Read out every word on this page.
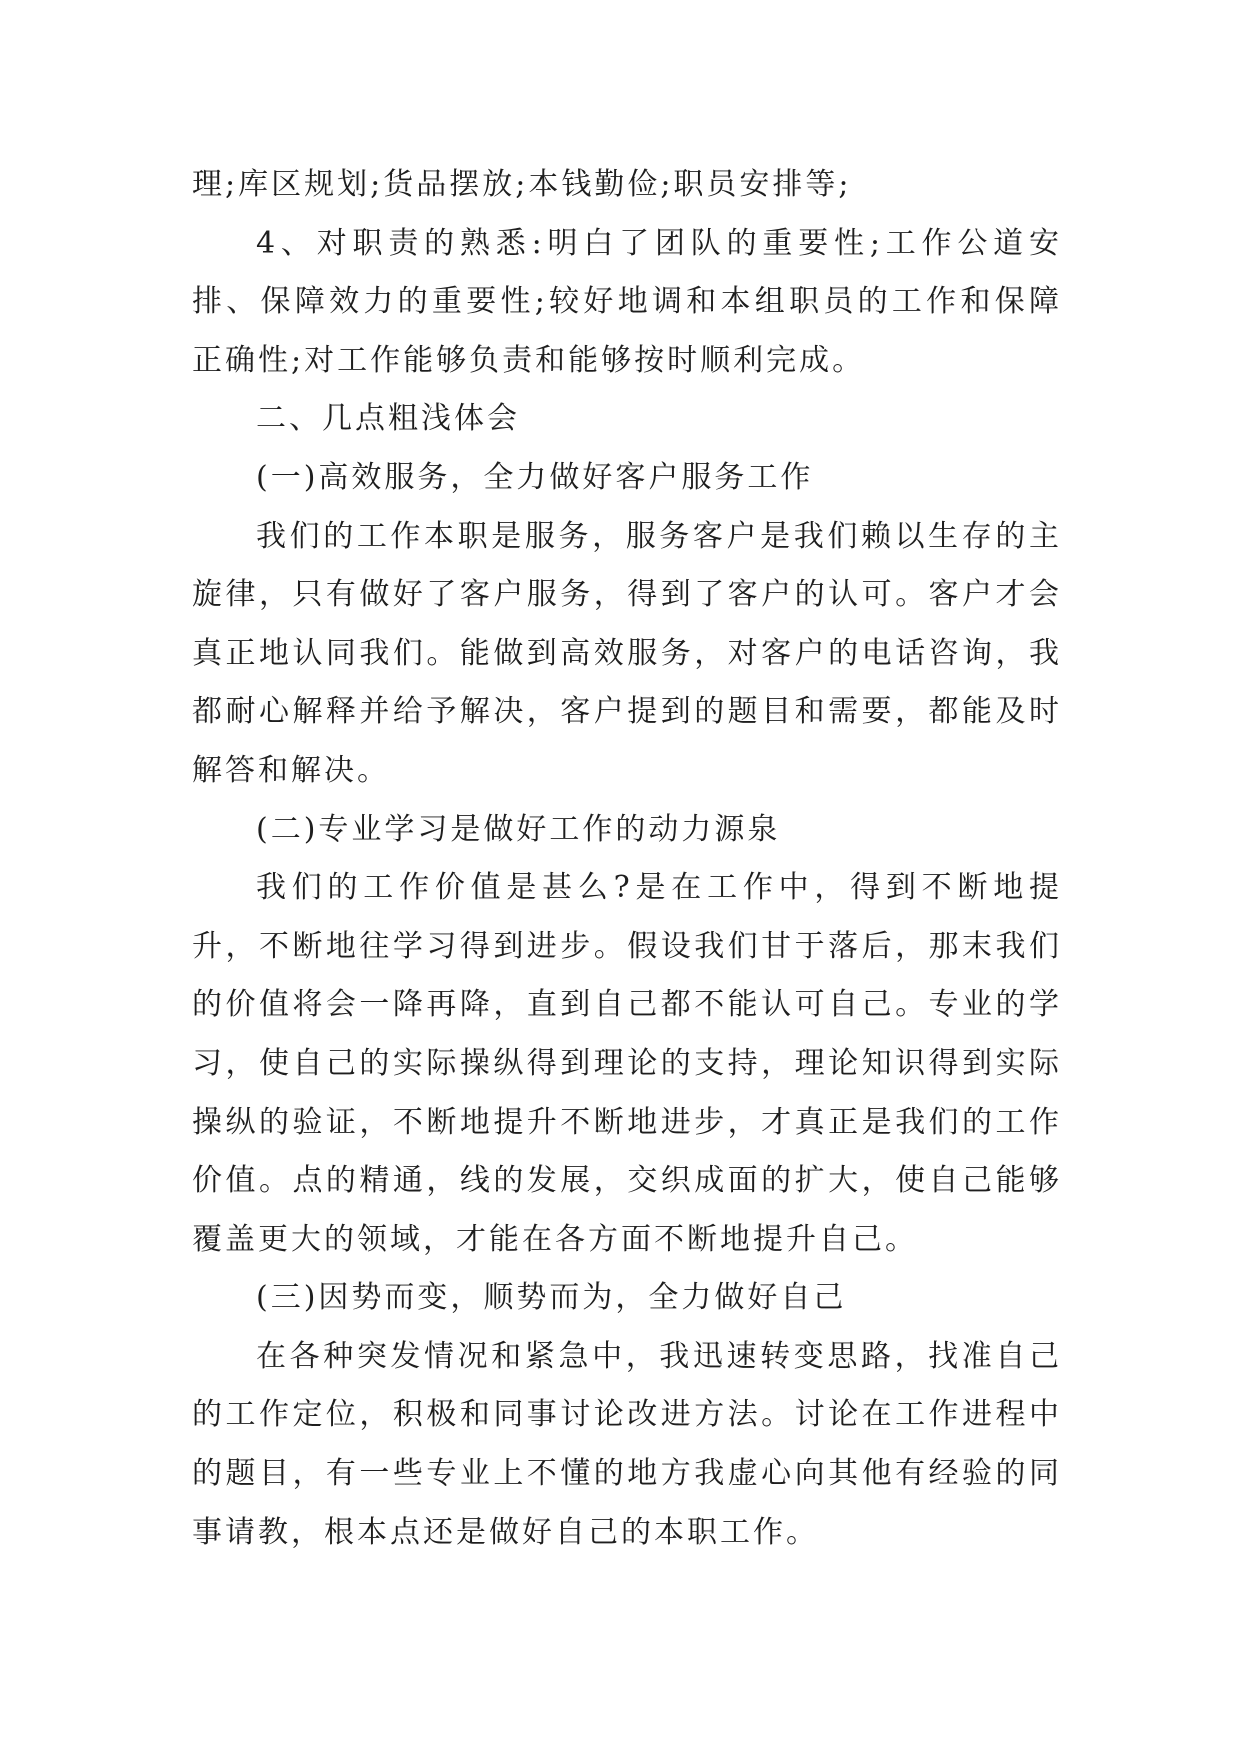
理;库区规划;货品摆放;本钱勤俭;职员安排等;

4、对职责的熟悉:明白了团队的重要性;工作公道安排、保障效力的重要性;较好地调和本组职员的工作和保障正确性;对工作能够负责和能够按时顺利完成。

二、几点粗浅体会

(一)高效服务，全力做好客户服务工作

我们的工作本职是服务，服务客户是我们赖以生存的主旋律，只有做好了客户服务，得到了客户的认可。客户才会真正地认同我们。能做到高效服务，对客户的电话咨询，我都耐心解释并给予解决，客户提到的题目和需要，都能及时解答和解决。

(二)专业学习是做好工作的动力源泉

我们的工作价值是甚么?是在工作中，得到不断地提升，不断地往学习得到进步。假设我们甘于落后，那末我们的价值将会一降再降，直到自己都不能认可自己。专业的学习，使自己的实际操纵得到理论的支持，理论知识得到实际操纵的验证，不断地提升不断地进步，才真正是我们的工作价值。点的精通，线的发展，交织成面的扩大，使自己能够覆盖更大的领域，才能在各方面不断地提升自己。

(三)因势而变，顺势而为，全力做好自己

在各种突发情况和紧急中，我迅速转变思路，找准自己的工作定位，积极和同事讨论改进方法。讨论在工作进程中的题目，有一些专业上不懂的地方我虚心向其他有经验的同事请教，根本点还是做好自己的本职工作。
